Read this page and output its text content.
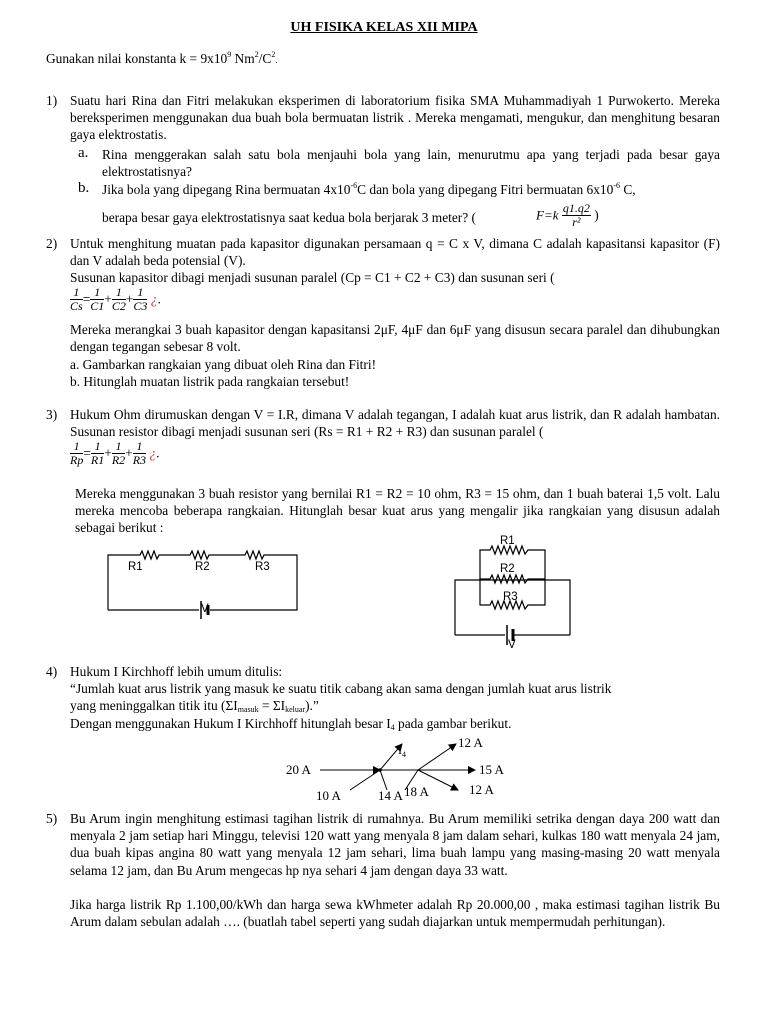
UH FISIKA KELAS XII MIPA
Gunakan nilai konstanta $k = 9x10^9$ $Nm^2/C^2$.
1) Suatu hari Rina dan Fitri melakukan eksperimen di laboratorium fisika SMA Muhammadiyah 1 Purwokerto. Mereka bereksperimen menggunakan dua buah bola bermuatan listrik . Mereka mengamati, mengukur, dan menghitung besaran gaya elektrostatis.
a. Rina menggerakan salah satu bola menjauhi bola yang lain, menurutmu apa yang terjadi pada besar gaya elektrostatisnya?
b. Jika bola yang dipegang Rina bermuatan $4x10^{-6}C$ dan bola yang dipegang Fitri bermuatan $6x10^{-6}$ C,
berapa besar gaya elektrostatisnya saat kedua bola berjarak 3 meter? (	$F=k \frac{q1.q2}{\text{r²}}$ )
2) Untuk menghitung muatan pada kapasitor digunakan persamaan q = C x V, dimana C adalah kapasitansi kapasitor (F) dan V adalah beda potensial (V).
Susunan kapasitor dibagi menjadi susunan paralel (Cp = C1 + C2 + C3) dan susunan seri (
$\frac{1}{Cs} = \frac{1}{C1} + \frac{1}{C2} + \frac{1}{C3}$ ¿.
Mereka merangkai 3 buah kapasitor dengan kapasitansi 2μF, 4μF dan 6μF yang disusun secara paralel dan dihubungkan dengan tegangan sebesar 8 volt.
a. Gambarkan rangkaian yang dibuat oleh Rina dan Fitri!
b. Hitunglah muatan listrik pada rangkaian tersebut!
3) Hukum Ohm dirumuskan dengan V = I.R, dimana V adalah tegangan, I adalah kuat arus listrik, dan R adalah hambatan. Susunan resistor dibagi menjadi susunan seri (Rs = R1 + R2 + R3) dan susunan paralel (
$\frac{1}{Rp} = \frac{1}{R1} + \frac{1}{R2} + \frac{1}{R3}$ ¿.
Mereka menggunakan 3 buah resistor yang bernilai R1 = R2 = 10 ohm, R3 = 15 ohm, dan 1 buah baterai 1,5 volt. Lalu mereka mencoba beberapa rangkaian. Hitunglah besar kuat arus yang mengalir jika rangkaian yang disusun adalah sebagai berikut :
R1	R2	R3
V
R1
R2
R3
V
4) Hukum I Kirchhoff lebih umum ditulis:
“Jumlah kuat arus listrik yang masuk ke suatu titik cabang akan sama dengan jumlah kuat arus listrik
yang meninggalkan titik itu $(\Sigma I_{masuk} = \Sigma I_{keluar})$.”
Dengan menggunakan Hukum I Kirchhoff hitunglah besar $I_4$ pada gambar berikut.
20 A
$I_4$
12 A
15 A
10 A	14 A 18 A	12 A
5) Bu Arum ingin menghitung estimasi tagihan listrik di rumahnya. Bu Arum memiliki setrika dengan daya 200 watt dan menyala 2 jam setiap hari Minggu, televisi 120 watt yang menyala 8 jam dalam sehari, kulkas 180 watt menyala 24 jam, dua buah kipas angina 80 watt yang menyala 12 jam sehari, lima buah lampu yang masing-masing 20 watt menyala selama 12 jam, dan Bu Arum mengecas hp nya sehari 4 jam dengan daya 33 watt.
Jika harga listrik Rp 1.100,00/kWh dan harga sewa kWhmeter adalah Rp 20.000,00 , maka estimasi tagihan listrik Bu Arum dalam sebulan adalah …. (buatlah tabel seperti yang sudah diajarkan untuk mempermudah perhitungan).
